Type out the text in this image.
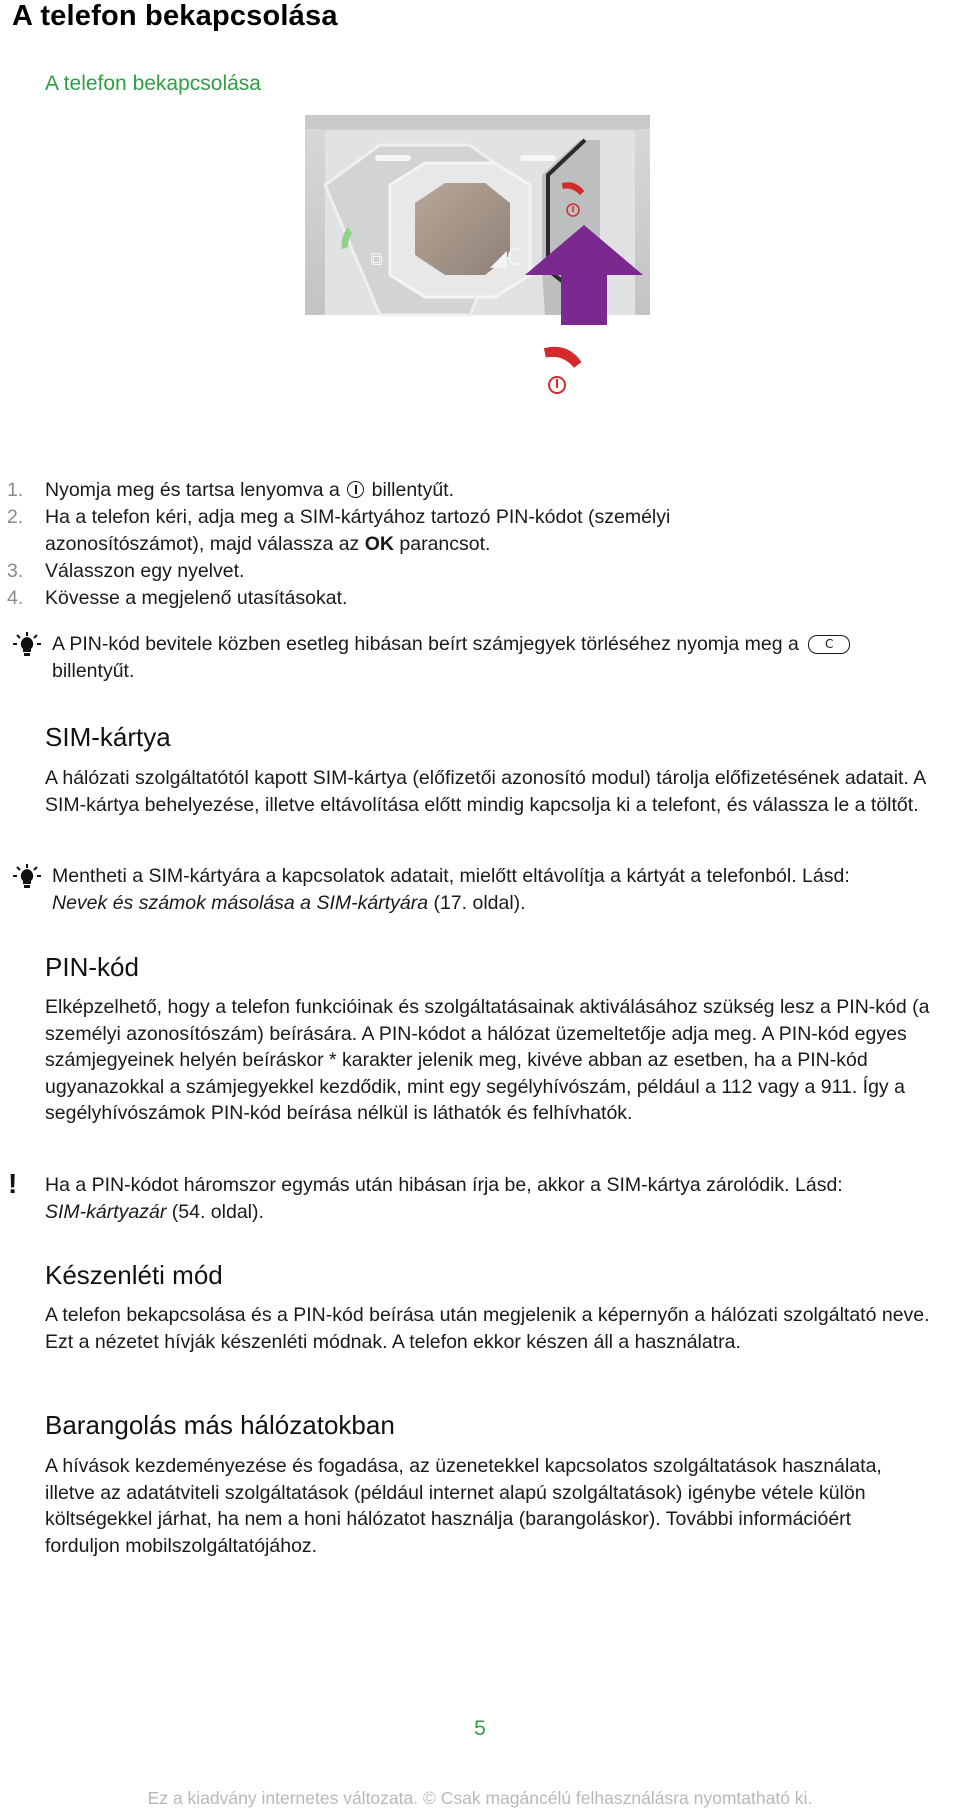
A telefon bekapcsolása
A telefon bekapcsolása
◢C
⧉
1. Nyomja meg és tartsa lenyomva a billentyűt.
2. Ha a telefon kéri, adja meg a SIM-kártyához tartozó PIN-kódot (személyi
azonosítószámot), majd válassza az OK parancsot.
3. Válasszon egy nyelvet.
4. Kövesse a megjelenő utasításokat.
A PIN-kód bevitele közben esetleg hibásan beírt számjegyek törléséhez nyomja meg a C
billentyűt.
SIM-kártya

A hálózati szolgáltatótól kapott SIM-kártya (előfizetői azonosító modul) tárolja előfizetésének adatait. A SIM-kártya behelyezése, illetve eltávolítása előtt mindig kapcsolja ki a telefont, és válassza le a töltőt.

Mentheti a SIM-kártyára a kapcsolatok adatait, mielőtt eltávolítja a kártyát a telefonból. Lásd:
Nevek és számok másolása a SIM-kártyára (17. oldal).
PIN-kód

Elképzelhető, hogy a telefon funkcióinak és szolgáltatásainak aktiválásához szükség lesz a PIN-kód (a személyi azonosítószám) beírására. A PIN-kódot a hálózat üzemeltetője adja meg. A PIN-kód egyes számjegyeinek helyén beíráskor * karakter jelenik meg, kivéve abban az esetben, ha a PIN-kód ugyanazokkal a számjegyekkel kezdődik, mint egy segélyhívószám, például a 112 vagy a 911. Így a segélyhívószámok PIN-kód beírása nélkül is láthatók és felhívhatók.

! Ha a PIN-kódot háromszor egymás után hibásan írja be, akkor a SIM-kártya zárolódik. Lásd:
SIM-kártyazár (54. oldal).
Készenléti mód

A telefon bekapcsolása és a PIN-kód beírása után megjelenik a képernyőn a hálózati szolgáltató neve. Ezt a nézetet hívják készenléti módnak. A telefon ekkor készen áll a használatra.

Barangolás más hálózatokban

A hívások kezdeményezése és fogadása, az üzenetekkel kapcsolatos szolgáltatások használata, illetve az adatátviteli szolgáltatások (például internet alapú szolgáltatások) igénybe vétele külön költségekkel járhat, ha nem a honi hálózatot használja (barangoláskor). További információért forduljon mobilszolgáltatójához.

5
Ez a kiadvány internetes változata. © Csak magáncélú felhasználásra nyomtatható ki.
